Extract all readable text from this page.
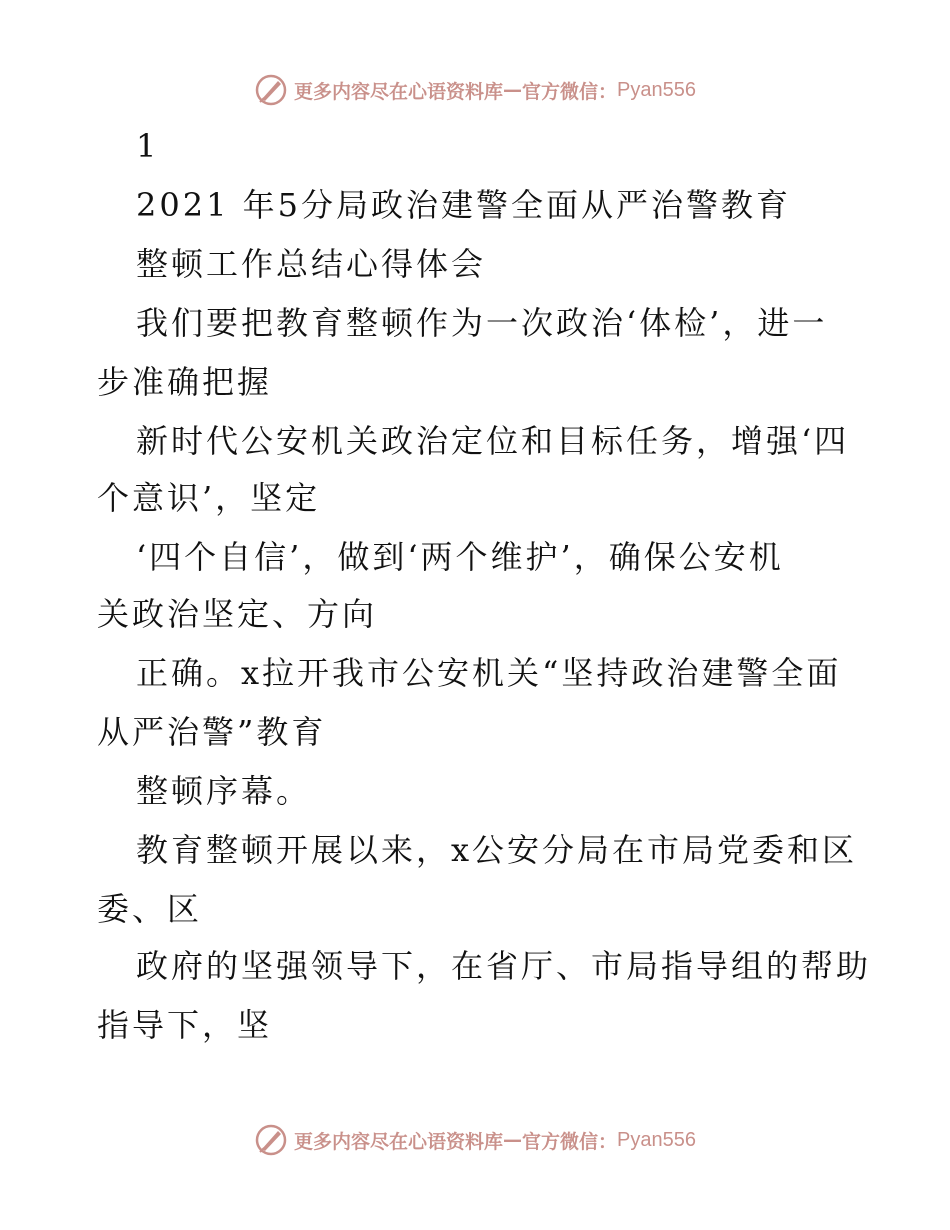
更多内容尽在心语资料库 — 官方微信： Pyan556
1
2021 年5分局政治建警全面从严治警教育
整顿工作总结心得体会
我们要把教育整顿作为一次政治‘体检’，进一
步准确把握
新时代公安机关政治定位和目标任务，增强‘四
个意识’，坚定
‘四个自信’，做到‘两个维护’，确保公安机
关政治坚定、方向
正确。x拉开我市公安机关“坚持政治建警全面
从严治警”教育
整顿序幕。
教育整顿开展以来，x公安分局在市局党委和区
委、区
政府的坚强领导下，在省厅、市局指导组的帮助
指导下，坚
更多内容尽在心语资料库 — 官方微信： Pyan556
